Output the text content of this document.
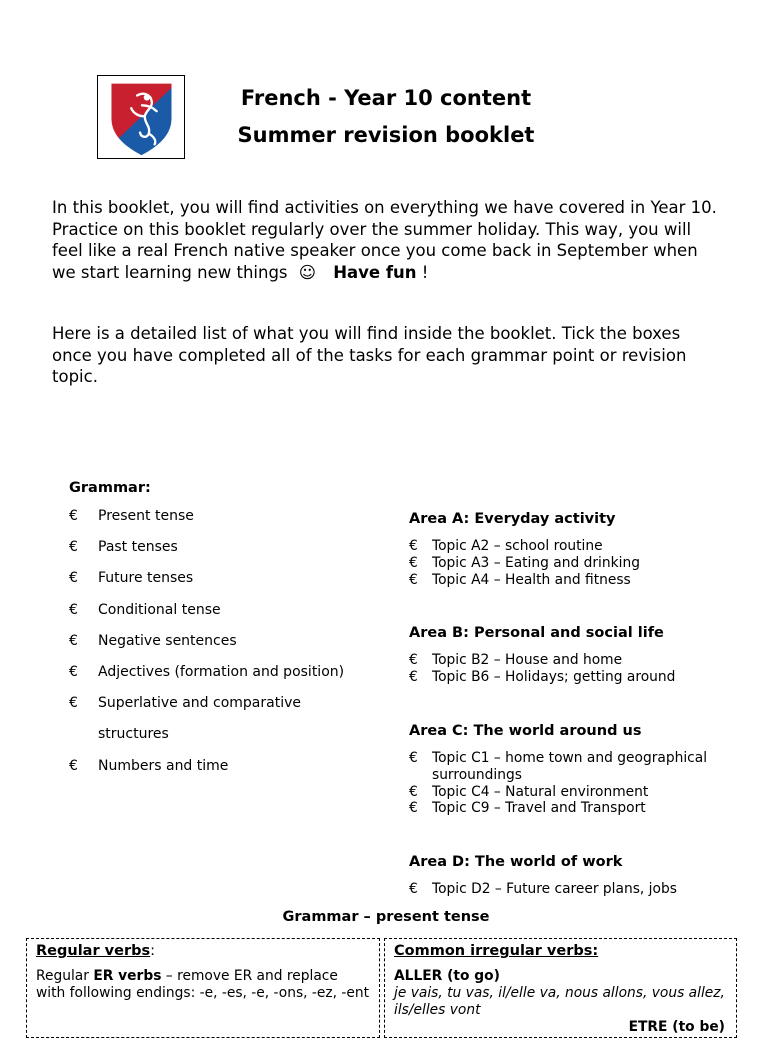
French - Year 10 content
Summer revision booklet
In this booklet, you will find activities on everything we have covered in Year 10. Practice on this booklet regularly over the summer holiday. This way, you will feel like a real French native speaker once you come back in September when we start learning new things ☺ Have fun !
Here is a detailed list of what you will find inside the booklet. Tick the boxes once you have completed all of the tasks for each grammar point or revision topic.
Grammar:
€	Present tense
€	Past tenses
€	Future tenses
€	Conditional tense
€	Negative sentences
€	Adjectives (formation and position)
€	Superlative and comparative
structures
€	Numbers and time
Area A: Everyday activity
€	Topic A2 – school routine
€	Topic A3 – Eating and drinking
€	Topic A4 – Health and fitness
Area B: Personal and social life
€	Topic B2 – House and home
€	Topic B6 – Holidays; getting around
Area C: The world around us
€	Topic C1 – home town and geographical surroundings
€	Topic C4 – Natural environment
€	Topic C9 – Travel and Transport
Area D: The world of work
€	Topic D2 – Future career plans, jobs
Grammar – present tense
Regular verbs:
Regular ER verbs – remove ER and replace with following endings: -e, -es, -e, -ons, -ez, -ent
Common irregular verbs:
ALLER (to go)
je vais, tu vas, il/elle va, nous allons, vous allez, ils/elles vont
ETRE (to be)
